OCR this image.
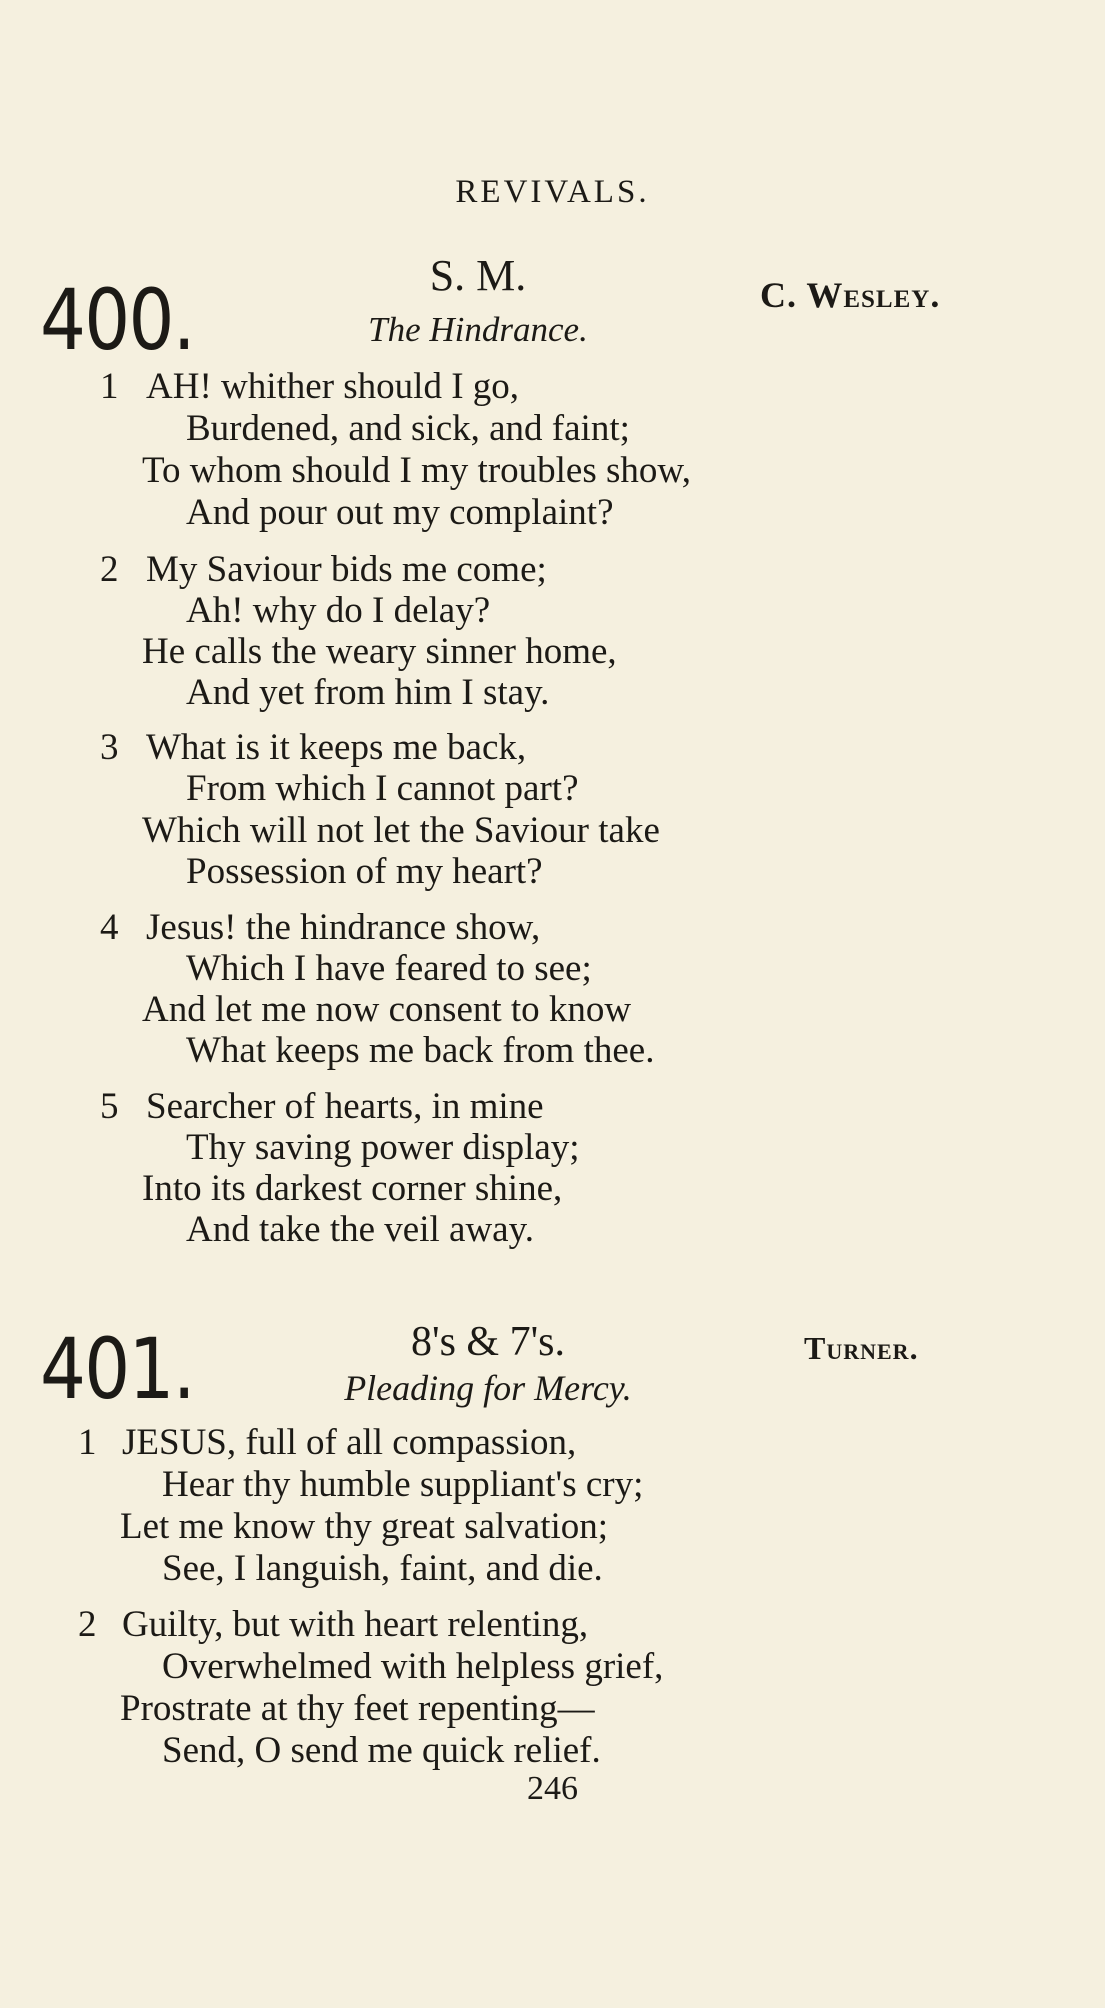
REVIVALS.
400.	S. M.
The Hindrance.
C. Wesley.
1 AH! whither should I go,
Burdened, and sick, and faint;
To whom should I my troubles show,
And pour out my complaint?
2 My Saviour bids me come;
Ah! why do I delay?
He calls the weary sinner home,
And yet from him I stay.
3 What is it keeps me back,
From which I cannot part?
Which will not let the Saviour take
Possession of my heart?
4 Jesus! the hindrance show,
Which I have feared to see;
And let me now consent to know
What keeps me back from thee.
5 Searcher of hearts, in mine
Thy saving power display;
Into its darkest corner shine,
And take the veil away.
401.	8's & 7's.
Pleading for Mercy.
Turner.
1 JESUS, full of all compassion,
Hear thy humble suppliant's cry;
Let me know thy great salvation;
See, I languish, faint, and die.
2 Guilty, but with heart relenting,
Overwhelmed with helpless grief,
Prostrate at thy feet repenting—
Send, O send me quick relief.
246
